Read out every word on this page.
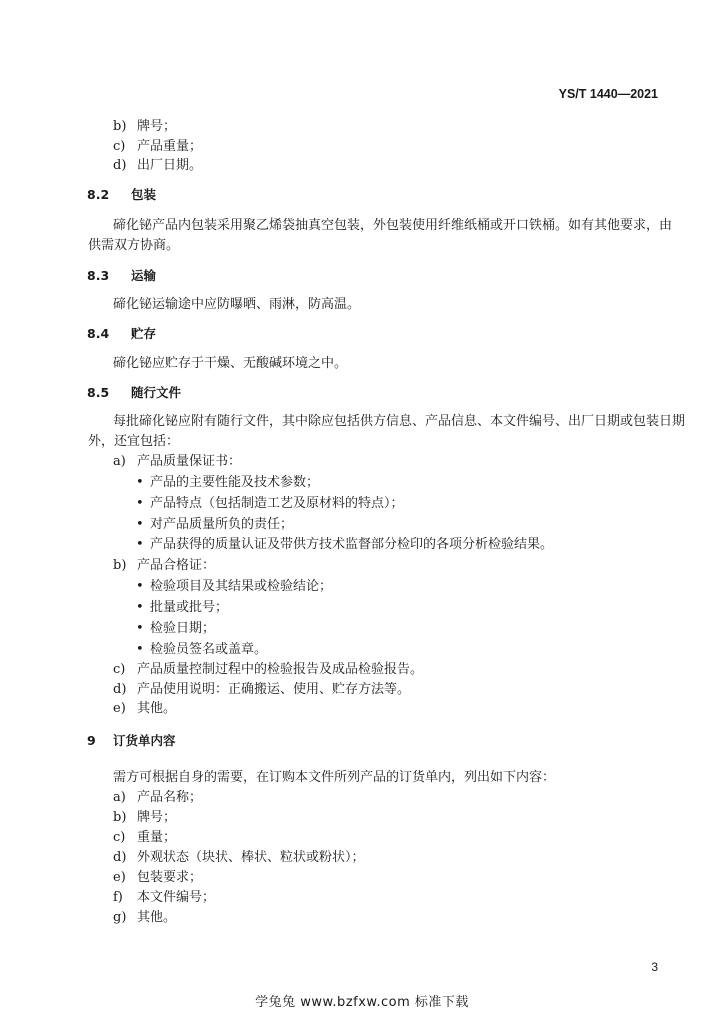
YS/T 1440—2021
b) 牌号；
c) 产品重量；
d) 出厂日期。
8.2 包装
碲化铋产品内包装采用聚乙烯袋抽真空包装，外包装使用纤维纸桶或开口铁桶。如有其他要求，由
供需双方协商。
8.3 运输
碲化铋运输途中应防曝晒、雨淋，防高温。
8.4 贮存
碲化铋应贮存于干燥、无酸碱环境之中。
8.5 随行文件
每批碲化铋应附有随行文件，其中除应包括供方信息、产品信息、本文件编号、出厂日期或包装日期
外，还宜包括：
a) 产品质量保证书：
• 产品的主要性能及技术参数；
• 产品特点（包括制造工艺及原材料的特点）；
• 对产品质量所负的责任；
• 产品获得的质量认证及带供方技术监督部分检印的各项分析检验结果。
b) 产品合格证：
• 检验项目及其结果或检验结论；
• 批量或批号；
• 检验日期；
• 检验员签名或盖章。
c) 产品质量控制过程中的检验报告及成品检验报告。
d) 产品使用说明：正确搬运、使用、贮存方法等。
e) 其他。
9 订货单内容
需方可根据自身的需要，在订购本文件所列产品的订货单内，列出如下内容：
a) 产品名称；
b) 牌号；
c) 重量；
d) 外观状态（块状、棒状、粒状或粉状）；
e) 包装要求；
f) 本文件编号；
g) 其他。
3
学兔兔 www.bzfxw.com 标准下载
